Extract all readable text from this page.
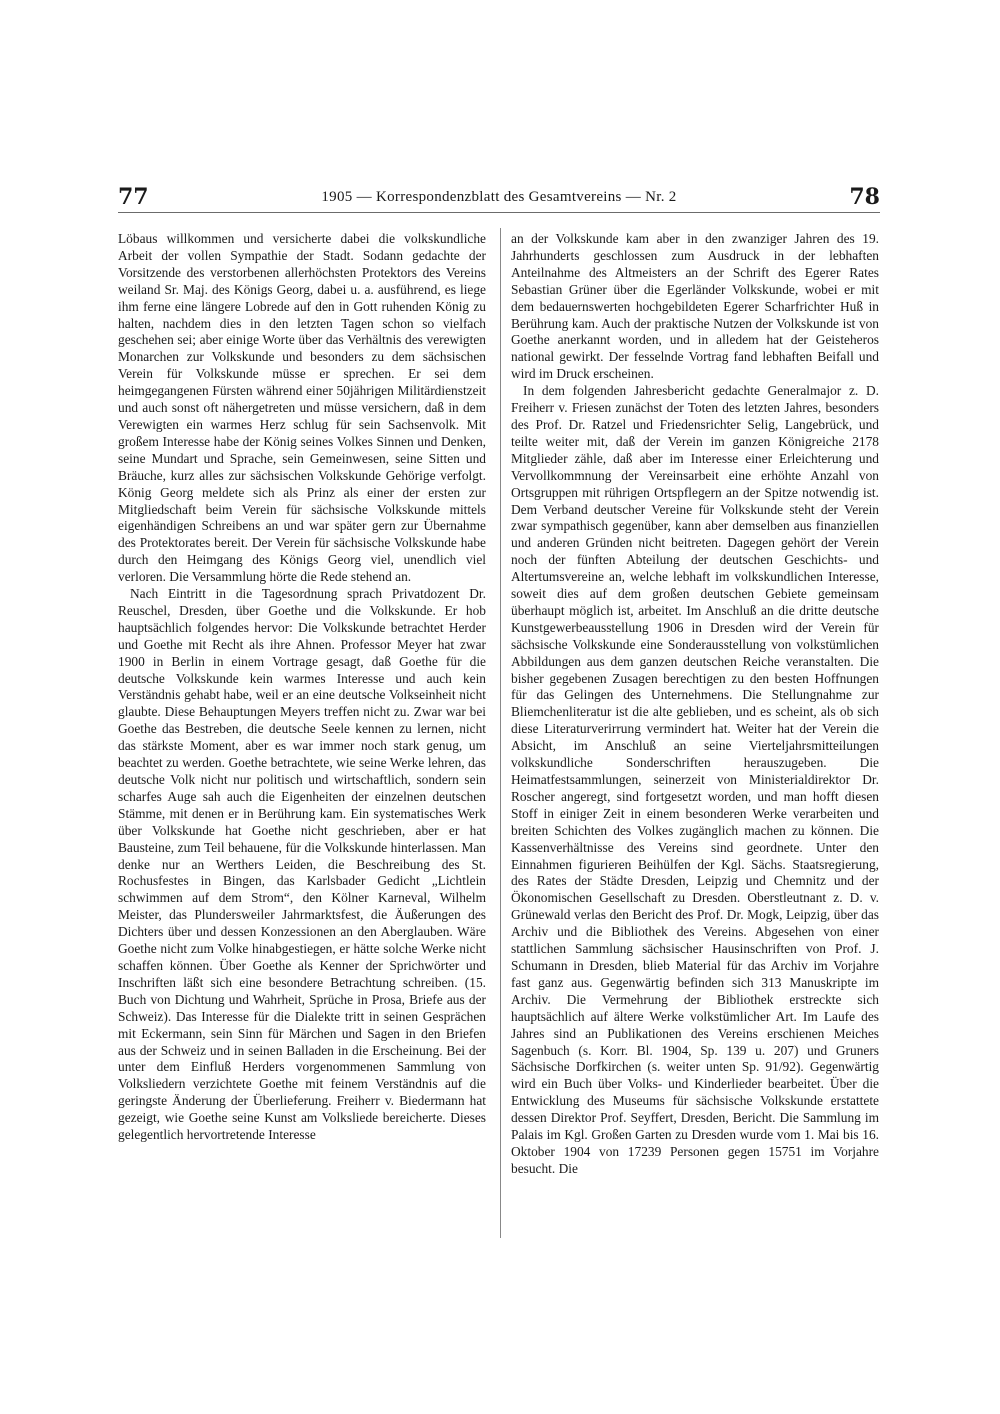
77	1905 — Korrespondenzblatt des Gesamtvereins — Nr. 2	78

Löbaus willkommen und versicherte dabei die volkskundliche Arbeit der vollen Sympathie der Stadt. Sodann gedachte der Vorsitzende des verstorbenen allerhöchsten Protektors des Vereins weiland Sr. Maj. des Königs Georg, dabei u. a. ausführend, es liege ihm ferne eine längere Lobrede auf den in Gott ruhenden König zu halten, nachdem dies in den letzten Tagen schon so vielfach geschehen sei; aber einige Worte über das Verhältnis des verewigten Monarchen zur Volkskunde und besonders zu dem sächsischen Verein für Volkskunde müsse er sprechen. Er sei dem heimgegangenen Fürsten während einer 50jährigen Militärdienstzeit und auch sonst oft nähergetreten und müsse versichern, daß in dem Verewigten ein warmes Herz schlug für sein Sachsenvolk. Mit großem Interesse habe der König seines Volkes Sinnen und Denken, seine Mundart und Sprache, sein Gemeinwesen, seine Sitten und Bräuche, kurz alles zur sächsischen Volkskunde Gehörige verfolgt. König Georg meldete sich als Prinz als einer der ersten zur Mitgliedschaft beim Verein für sächsische Volkskunde mittels eigenhändigen Schreibens an und war später gern zur Übernahme des Protektorates bereit. Der Verein für sächsische Volkskunde habe durch den Heimgang des Königs Georg viel, unendlich viel verloren. Die Versammlung hörte die Rede stehend an.

Nach Eintritt in die Tagesordnung sprach Privatdozent Dr. Reuschel, Dresden, über Goethe und die Volkskunde. Er hob hauptsächlich folgendes hervor: Die Volkskunde betrachtet Herder und Goethe mit Recht als ihre Ahnen. Professor Meyer hat zwar 1900 in Berlin in einem Vortrage gesagt, daß Goethe für die deutsche Volkskunde kein warmes Interesse und auch kein Verständnis gehabt habe, weil er an eine deutsche Volkseinheit nicht glaubte. Diese Behauptungen Meyers treffen nicht zu. Zwar war bei Goethe das Bestreben, die deutsche Seele kennen zu lernen, nicht das stärkste Moment, aber es war immer noch stark genug, um beachtet zu werden. Goethe betrachtete, wie seine Werke lehren, das deutsche Volk nicht nur politisch und wirtschaftlich, sondern sein scharfes Auge sah auch die Eigenheiten der einzelnen deutschen Stämme, mit denen er in Berührung kam. Ein systematisches Werk über Volkskunde hat Goethe nicht geschrieben, aber er hat Bausteine, zum Teil behauene, für die Volkskunde hinterlassen. Man denke nur an Werthers Leiden, die Beschreibung des St. Rochusfestes in Bingen, das Karlsbader Gedicht „Lichtlein schwimmen auf dem Strom“, den Kölner Karneval, Wilhelm Meister, das Plundersweiler Jahrmarktsfest, die Äußerungen des Dichters über und dessen Konzessionen an den Aberglauben. Wäre Goethe nicht zum Volke hinabgestiegen, er hätte solche Werke nicht schaffen können. Über Goethe als Kenner der Sprichwörter und Inschriften läßt sich eine besondere Betrachtung schreiben. (15. Buch von Dichtung und Wahrheit, Sprüche in Prosa, Briefe aus der Schweiz). Das Interesse für die Dialekte tritt in seinen Gesprächen mit Eckermann, sein Sinn für Märchen und Sagen in den Briefen aus der Schweiz und in seinen Balladen in die Erscheinung. Bei der unter dem Einfluß Herders vorgenommenen Sammlung von Volksliedern verzichtete Goethe mit feinem Verständnis auf die geringste Änderung der Überlieferung. Freiherr v. Biedermann hat gezeigt, wie Goethe seine Kunst am Volksliede bereicherte. Dieses gelegentlich hervortretende Interesse

an der Volkskunde kam aber in den zwanziger Jahren des 19. Jahrhunderts geschlossen zum Ausdruck in der lebhaften Anteilnahme des Altmeisters an der Schrift des Egerer Rates Sebastian Grüner über die Egerländer Volkskunde, wobei er mit dem bedauernswerten hochgebildeten Egerer Scharfrichter Huß in Berührung kam. Auch der praktische Nutzen der Volkskunde ist von Goethe anerkannt worden, und in alledem hat der Geisteheros national gewirkt. Der fesselnde Vortrag fand lebhaften Beifall und wird im Druck erscheinen.

In dem folgenden Jahresbericht gedachte Generalmajor z. D. Freiherr v. Friesen zunächst der Toten des letzten Jahres, besonders des Prof. Dr. Ratzel und Friedensrichter Selig, Langebrück, und teilte weiter mit, daß der Verein im ganzen Königreiche 2178 Mitglieder zähle, daß aber im Interesse einer Erleichterung und Vervollkommnung der Vereinsarbeit eine erhöhte Anzahl von Ortsgruppen mit rührigen Ortspflegern an der Spitze notwendig ist. Dem Verband deutscher Vereine für Volkskunde steht der Verein zwar sympathisch gegenüber, kann aber demselben aus finanziellen und anderen Gründen nicht beitreten. Dagegen gehört der Verein noch der fünften Abteilung der deutschen Geschichts- und Altertumsvereine an, welche lebhaft im volkskundlichen Interesse, soweit dies auf dem großen deutschen Gebiete gemeinsam überhaupt möglich ist, arbeitet. Im Anschluß an die dritte deutsche Kunstgewerbeausstellung 1906 in Dresden wird der Verein für sächsische Volkskunde eine Sonderausstellung von volkstümlichen Abbildungen aus dem ganzen deutschen Reiche veranstalten. Die bisher gegebenen Zusagen berechtigen zu den besten Hoffnungen für das Gelingen des Unternehmens. Die Stellungnahme zur Bliemchenliteratur ist die alte geblieben, und es scheint, als ob sich diese Literaturverirrung vermindert hat. Weiter hat der Verein die Absicht, im Anschluß an seine Vierteljahrsmitteilungen volkskundliche Sonderschriften herauszugeben. Die Heimatfestsammlungen, seinerzeit von Ministerialdirektor Dr. Roscher angeregt, sind fortgesetzt worden, und man hofft diesen Stoff in einiger Zeit in einem besonderen Werke verarbeiten und breiten Schichten des Volkes zugänglich machen zu können. Die Kassenverhältnisse des Vereins sind geordnete. Unter den Einnahmen figurieren Beihülfen der Kgl. Sächs. Staatsregierung, des Rates der Städte Dresden, Leipzig und Chemnitz und der Ökonomischen Gesellschaft zu Dresden. Oberstleutnant z. D. v. Grünewald verlas den Bericht des Prof. Dr. Mogk, Leipzig, über das Archiv und die Bibliothek des Vereins. Abgesehen von einer stattlichen Sammlung sächsischer Hausinschriften von Prof. J. Schumann in Dresden, blieb Material für das Archiv im Vorjahre fast ganz aus. Gegenwärtig befinden sich 313 Manuskripte im Archiv. Die Vermehrung der Bibliothek erstreckte sich hauptsächlich auf ältere Werke volkstümlicher Art. Im Laufe des Jahres sind an Publikationen des Vereins erschienen Meiches Sagenbuch (s. Korr. Bl. 1904, Sp. 139 u. 207) und Gruners Sächsische Dorfkirchen (s. weiter unten Sp. 91/92). Gegenwärtig wird ein Buch über Volks- und Kinderlieder bearbeitet. Über die Entwicklung des Museums für sächsische Volkskunde erstattete dessen Direktor Prof. Seyffert, Dresden, Bericht. Die Sammlung im Palais im Kgl. Großen Garten zu Dresden wurde vom 1. Mai bis 16. Oktober 1904 von 17239 Personen gegen 15751 im Vorjahre besucht. Die
